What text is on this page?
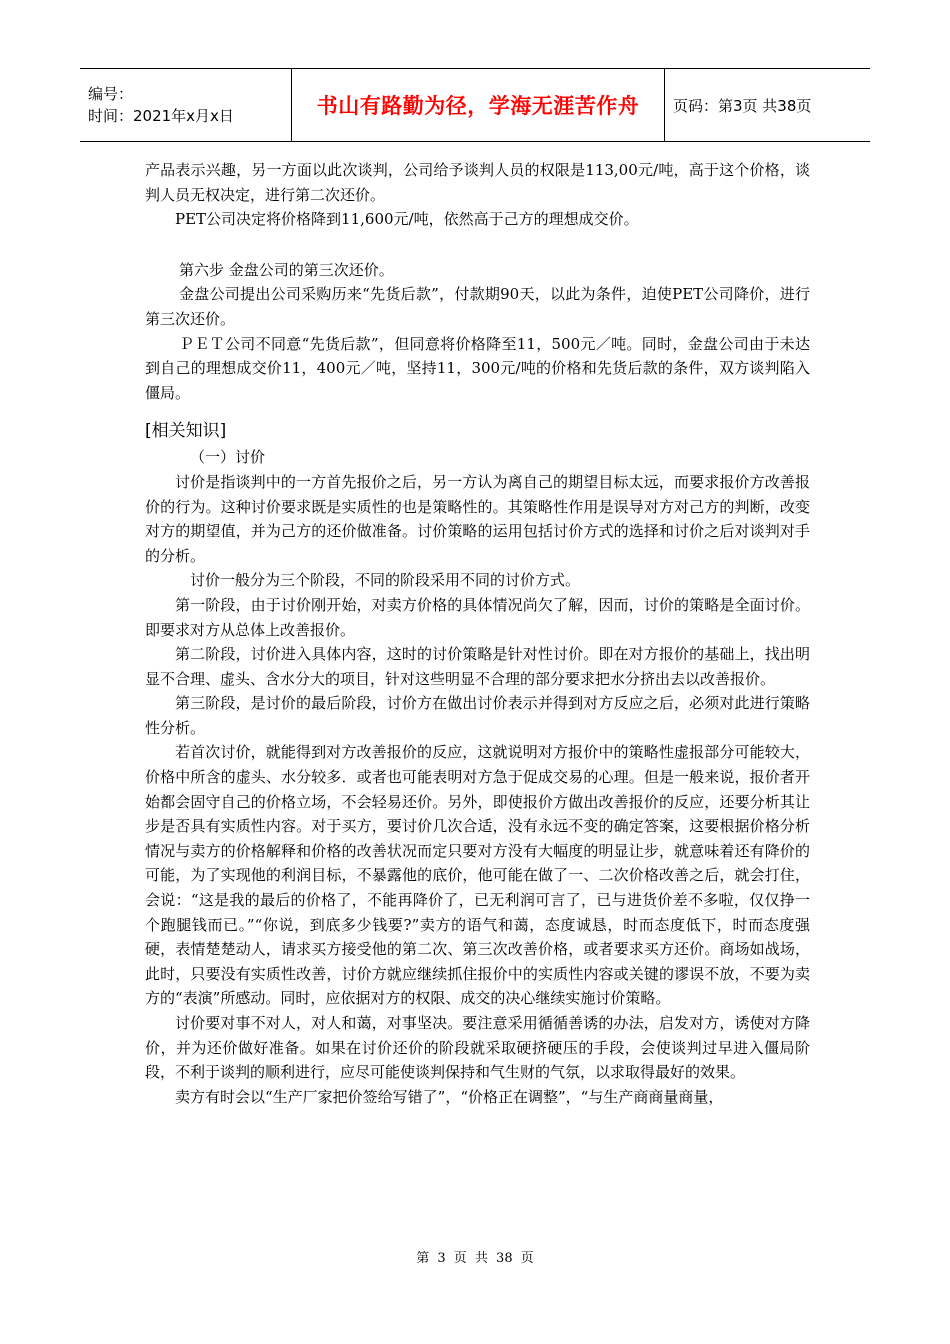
编号：
时间：2021年x月x日	书山有路勤为径，学海无涯苦作舟	页码：第3页 共38页

产品表示兴趣，另一方面以此次谈判，公司给予谈判人员的权限是113,00元/吨，高于这个价格，谈判人员无权决定，进行第二次还价。

PET公司决定将价格降到11,600元/吨，依然高于己方的理想成交价。

第六步 金盘公司的第三次还价。

金盘公司提出公司采购历来“先货后款”，付款期90天，以此为条件，迫使PET公司降价，进行第三次还价。

ＰＥＴ公司不同意“先货后款”，但同意将价格降至11，500元／吨。同时，金盘公司由于未达到自己的理想成交价11，400元／吨，坚持11，300元/吨的价格和先货后款的条件，双方谈判陷入僵局。

[相关知识]

（一）讨价

讨价是指谈判中的一方首先报价之后，另一方认为离自己的期望目标太远，而要求报价方改善报价的行为。这种讨价要求既是实质性的也是策略性的。其策略性作用是误导对方对己方的判断，改变对方的期望值，并为己方的还价做准备。讨价策略的运用包括讨价方式的选择和讨价之后对谈判对手的分析。

讨价一般分为三个阶段，不同的阶段采用不同的讨价方式。

第一阶段，由于讨价刚开始，对卖方价格的具体情况尚欠了解，因而，讨价的策略是全面讨价。即要求对方从总体上改善报价。

第二阶段，讨价进入具体内容，这时的讨价策略是针对性讨价。即在对方报价的基础上，找出明显不合理、虚头、含水分大的项目，针对这些明显不合理的部分要求把水分挤出去以改善报价。

第三阶段，是讨价的最后阶段，讨价方在做出讨价表示并得到对方反应之后，必须对此进行策略性分析。

若首次讨价，就能得到对方改善报价的反应，这就说明对方报价中的策略性虚报部分可能较大，价格中所含的虚头、水分较多．或者也可能表明对方急于促成交易的心理。但是一般来说，报价者开始都会固守自己的价格立场，不会轻易还价。另外，即使报价方做出改善报价的反应，还要分析其让步是否具有实质性内容。对于买方，要讨价几次合适，没有永远不变的确定答案，这要根据价格分析情况与卖方的价格解释和价格的改善状况而定只要对方没有大幅度的明显让步，就意味着还有降价的可能，为了实现他的利润目标，不暴露他的底价，他可能在做了一、二次价格改善之后，就会打住，会说：“这是我的最后的价格了，不能再降价了，已无利润可言了，已与进货价差不多啦，仅仅挣一个跑腿钱而已。”“你说，到底多少钱要?”卖方的语气和蔼，态度诚恳，时而态度低下，时而态度强硬，表情楚楚动人，请求买方接受他的第二次、第三次改善价格，或者要求买方还价。商场如战场，此时，只要没有实质性改善，讨价方就应继续抓住报价中的实质性内容或关键的谬误不放，不要为卖方的“表演”所感动。同时，应依据对方的权限、成交的决心继续实施讨价策略。

讨价要对事不对人，对人和蔼，对事坚决。要注意采用循循善诱的办法，启发对方，诱使对方降价，并为还价做好准备。如果在讨价还价的阶段就采取硬挤硬压的手段，会使谈判过早进入僵局阶段，不利于谈判的顺利进行，应尽可能使谈判保持和气生财的气氛，以求取得最好的效果。

卖方有时会以“生产厂家把价签给写错了”，“价格正在调整”，“与生产商商量商量，

第 3 页 共 38 页
